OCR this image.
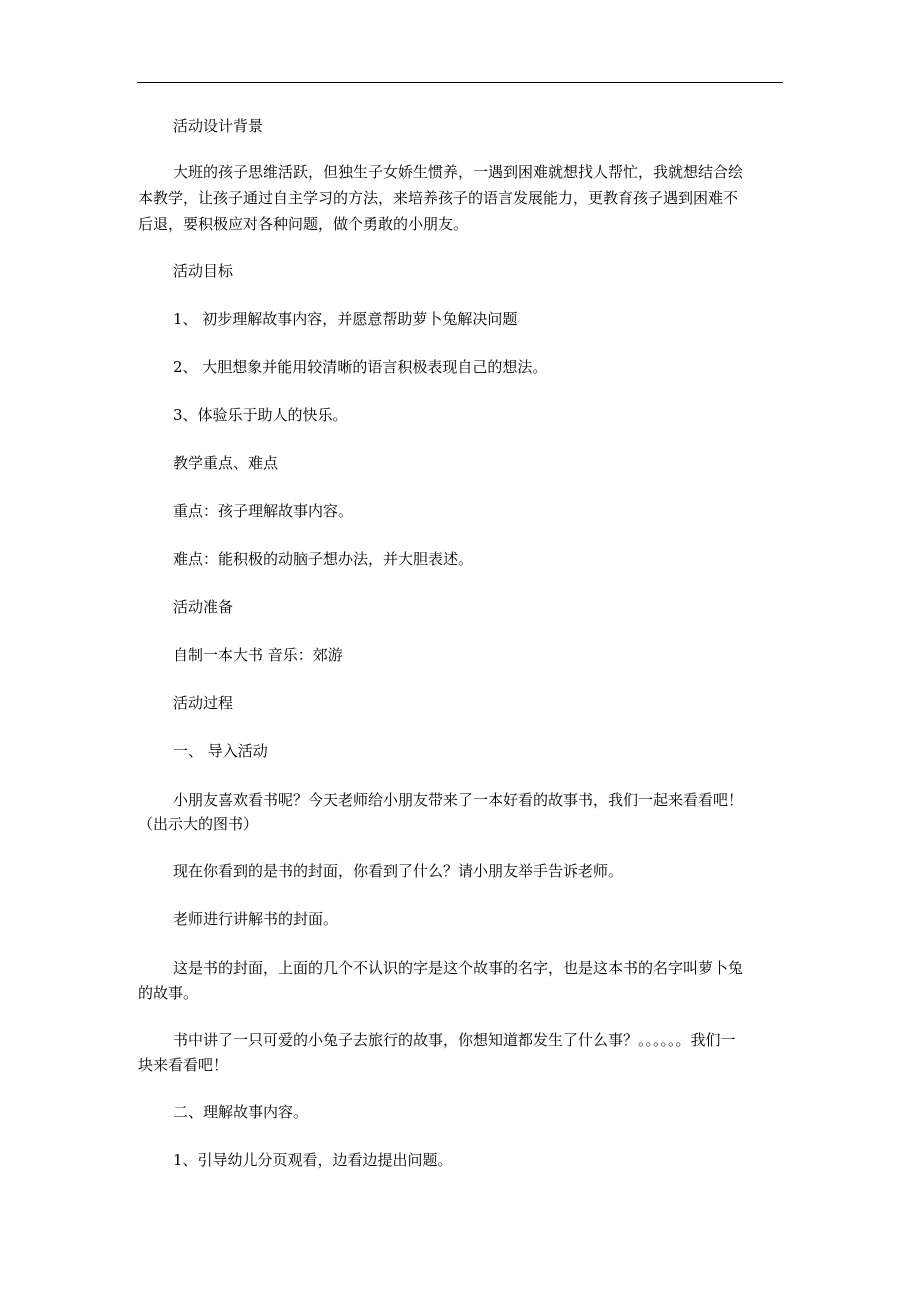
活动设计背景
大班的孩子思维活跃，但独生子女娇生惯养，一遇到困难就想找人帮忙，我就想结合绘
本教学，让孩子通过自主学习的方法，来培养孩子的语言发展能力，更教育孩子遇到困难不
后退，要积极应对各种问题，做个勇敢的小朋友。
活动目标
1、 初步理解故事内容，并愿意帮助萝卜兔解决问题
2、 大胆想象并能用较清晰的语言积极表现自己的想法。
3、体验乐于助人的快乐。
教学重点、难点
重点：孩子理解故事内容。
难点：能积极的动脑子想办法，并大胆表述。
活动准备
自制一本大书 音乐：郊游
活动过程
一、 导入活动
小朋友喜欢看书呢？今天老师给小朋友带来了一本好看的故事书，我们一起来看看吧！
（出示大的图书）
现在你看到的是书的封面，你看到了什么？请小朋友举手告诉老师。
老师进行讲解书的封面。
这是书的封面，上面的几个不认识的字是这个故事的名字，也是这本书的名字叫萝卜兔
的故事。
书中讲了一只可爱的小兔子去旅行的故事，你想知道都发生了什么事？。。。。。。我们一
块来看看吧！
二、理解故事内容。
1、引导幼儿分页观看，边看边提出问题。
